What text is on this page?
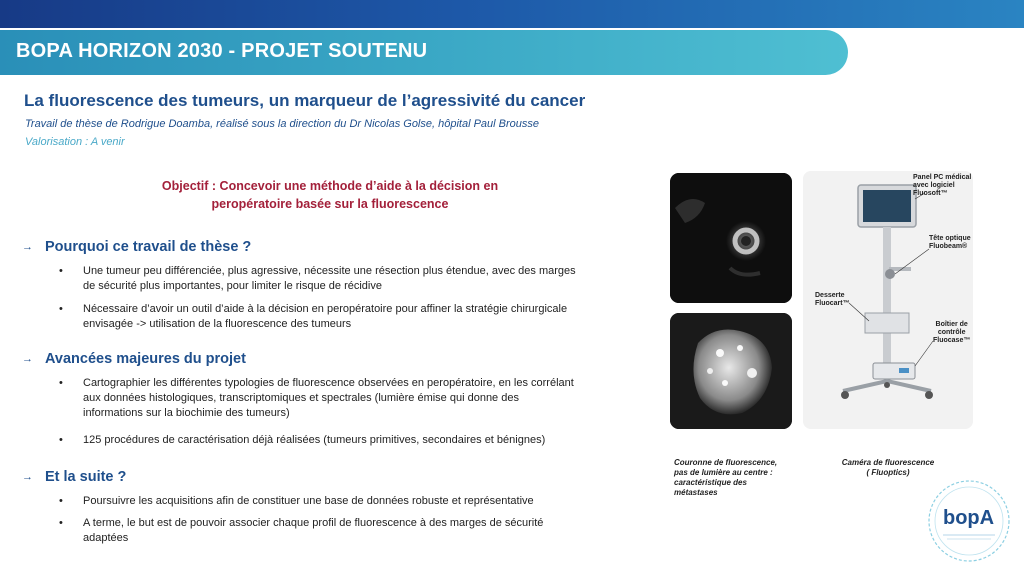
BOPA HORIZON 2030 - PROJET SOUTENU
La fluorescence des tumeurs, un marqueur de l’agressivité du cancer
Travail de thèse de Rodrigue Doamba, réalisé sous la direction du Dr Nicolas Golse, hôpital Paul Brousse
Valorisation : A venir
Objectif : Concevoir une méthode d’aide à la décision en
peropératoire basée sur la fluorescence
→ Pourquoi ce travail de thèse ?
• Une tumeur peu différenciée, plus agressive, nécessite une résection plus étendue, avec des marges
de sécurité plus importantes, pour limiter le risque de récidive
• Nécessaire d’avoir un outil d’aide à la décision en peropératoire pour affiner la stratégie chirurgicale
envisagée -> utilisation de la fluorescence des tumeurs
→ Avancées majeures du projet
• Cartographier les différentes typologies de fluorescence observées en peropératoire, en les corrélant
aux données histologiques, transcriptomiques et spectrales (lumière émise qui donne des
informations sur la biochimie des tumeurs)
• 125 procédures de caractérisation déjà réalisées (tumeurs primitives, secondaires et bénignes)
→ Et la suite ?
• Poursuivre les acquisitions afin de constituer une base de données robuste et représentative
• A terme, le but est de pouvoir associer chaque profil de fluorescence à des marges de sécurité
adaptées
Panel PC médical
avec logiciel
Fluosoft™
Tête optique
Fluobeam®
Desserte
Fluocart™
Boîtier de
contrôle
Fluocase™
Couronne de fluorescence,
pas de lumière au centre :
caractéristique des
métastases
Caméra de fluorescence
( Fluoptics)
bopA
